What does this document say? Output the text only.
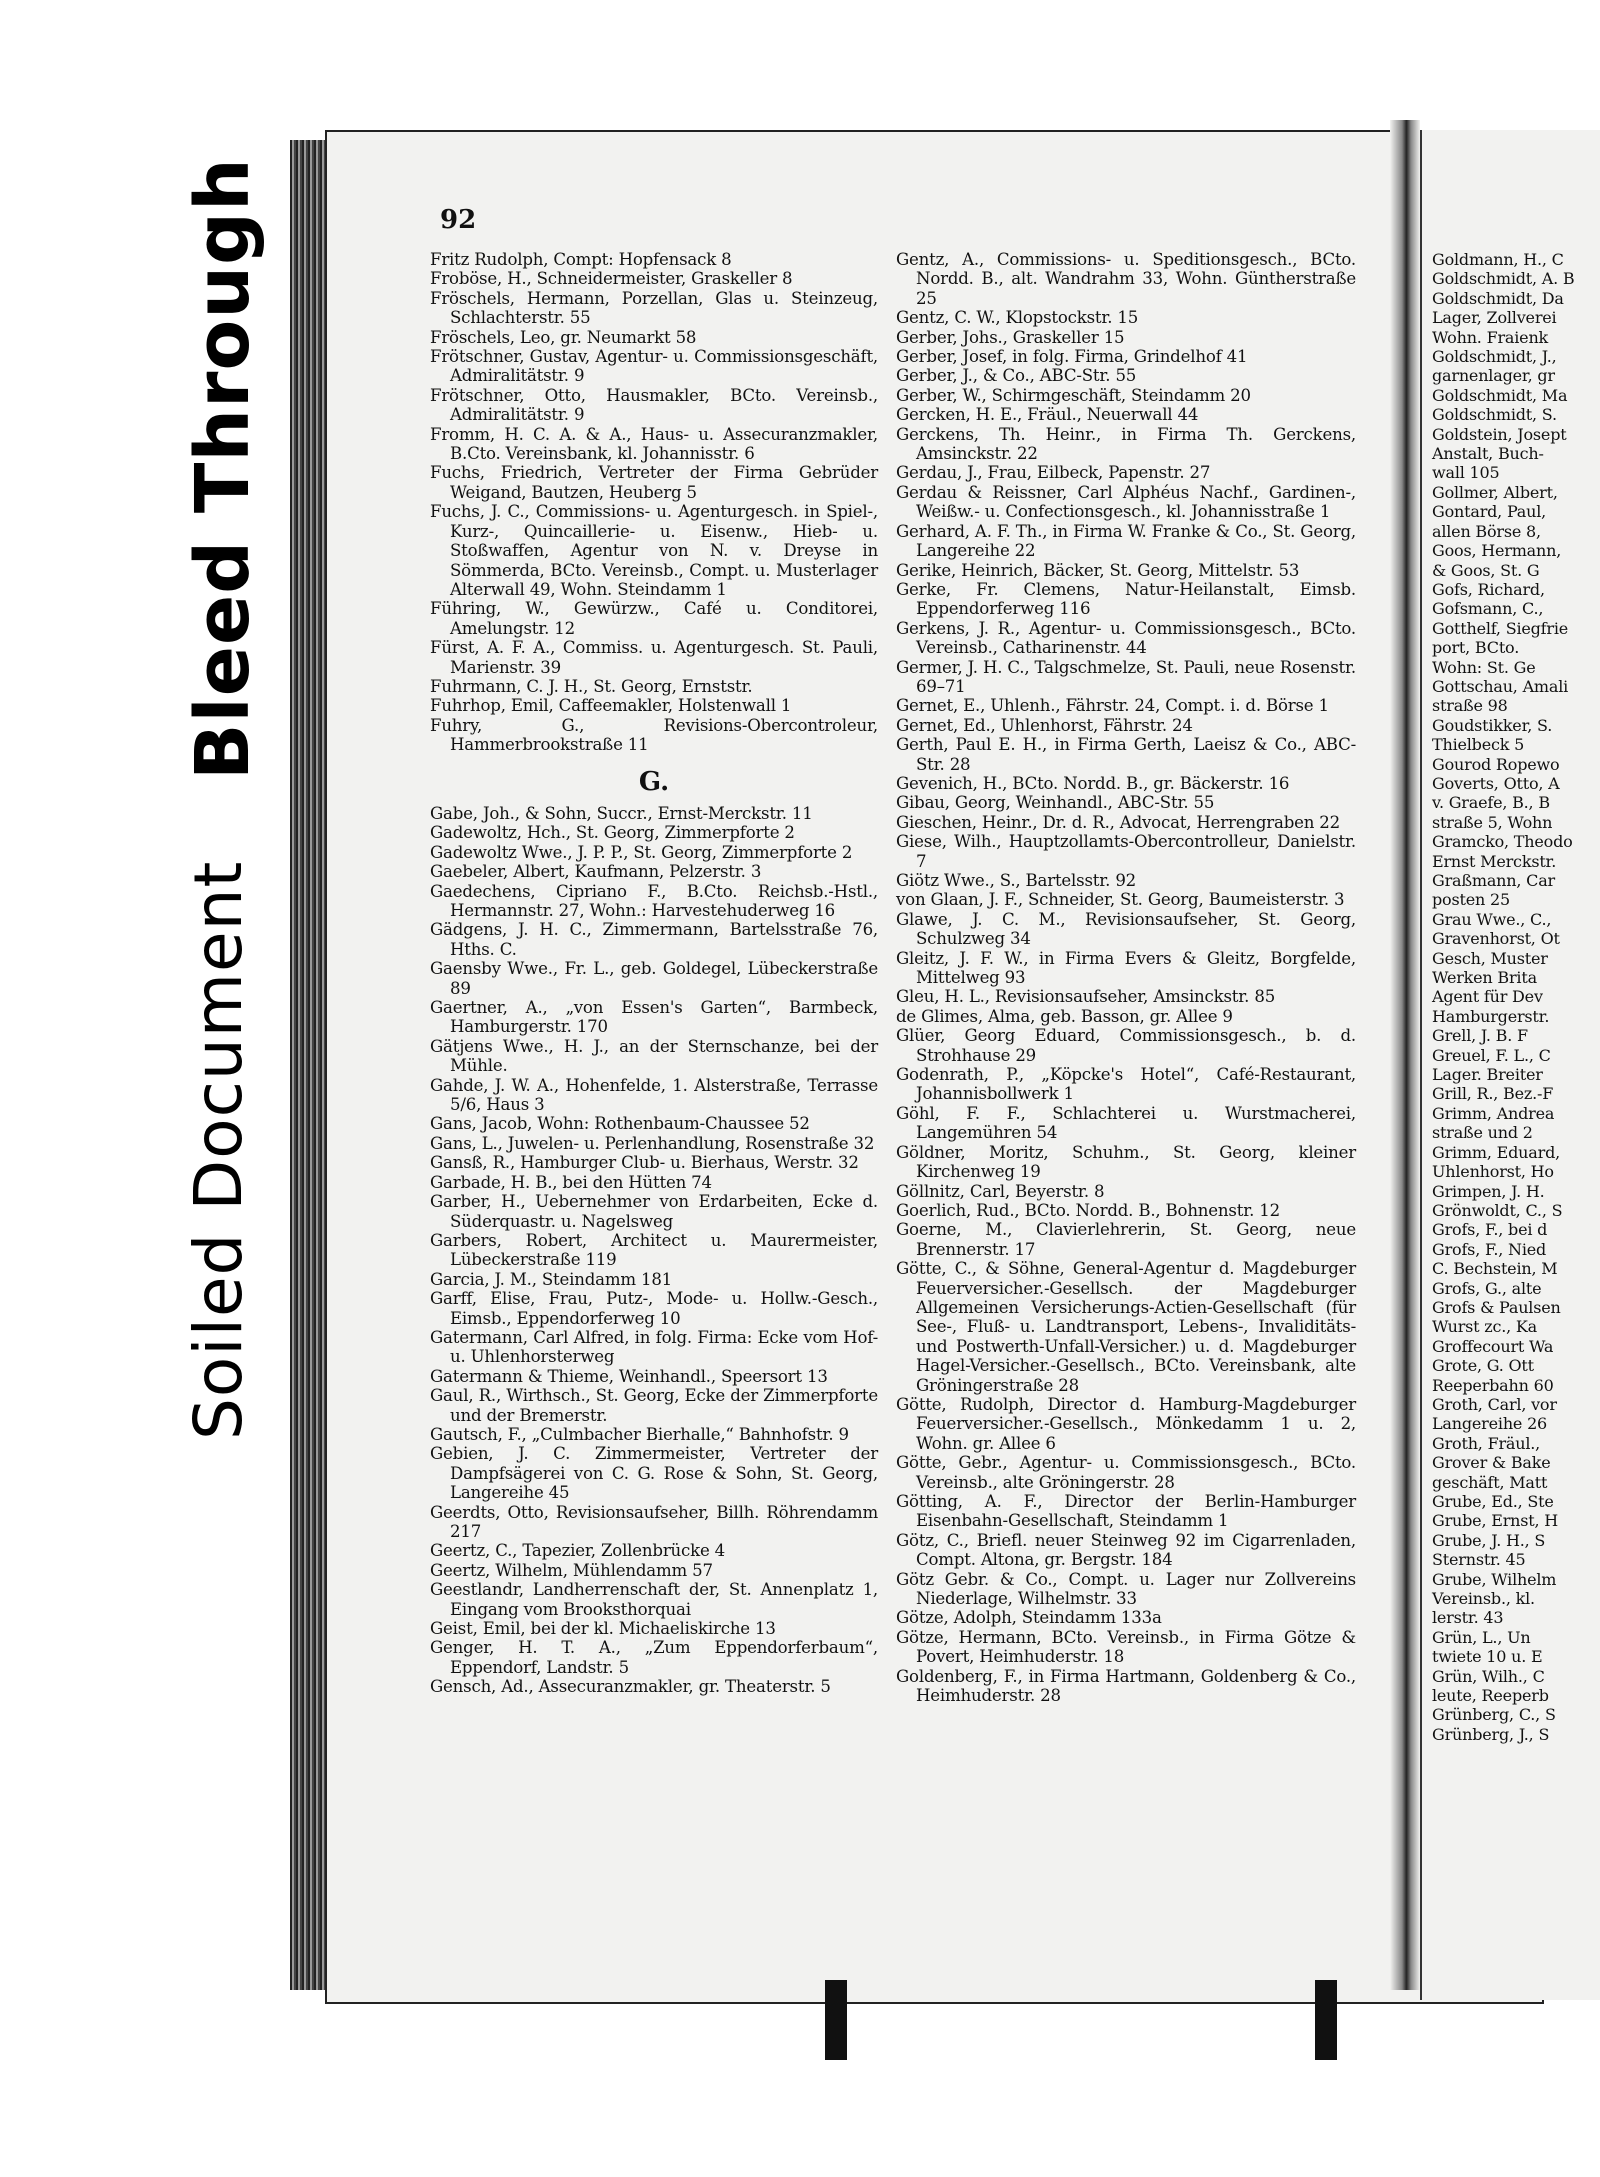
Bleed Through
Soiled Document
92

Fritz Rudolph, Compt: Hopfensack 8

Froböse, H., Schneidermeister, Graskeller 8

Fröschels, Hermann, Porzellan, Glas u. Steinzeug, Schlachterstr. 55

Fröschels, Leo, gr. Neumarkt 58

Frötschner, Gustav, Agentur- u. Commissionsgeschäft, Admiralitätstr. 9

Frötschner, Otto, Hausmakler, BCto. Vereinsb., Admiralitätstr. 9

Fromm, H. C. A. & A., Haus- u. Assecuranzmakler, B.Cto. Vereinsbank, kl. Johannisstr. 6

Fuchs, Friedrich, Vertreter der Firma Gebrüder Weigand, Bautzen, Heuberg 5

Fuchs, J. C., Commissions- u. Agenturgesch. in Spiel-, Kurz-, Quincaillerie- u. Eisenw., Hieb- u. Stoßwaffen, Agentur von N. v. Dreyse in Sömmerda, BCto. Vereinsb., Compt. u. Musterlager Alterwall 49, Wohn. Steindamm 1

Führing, W., Gewürzw., Café u. Conditorei, Amelungstr. 12

Fürst, A. F. A., Commiss. u. Agenturgesch. St. Pauli, Marienstr. 39

Fuhrmann, C. J. H., St. Georg, Ernststr.

Fuhrhop, Emil, Caffeemakler, Holstenwall 1

Fuhry, G., Revisions-Obercontroleur, Hammerbrookstraße 11

G.

Gabe, Joh., & Sohn, Succr., Ernst-Merckstr. 11

Gadewoltz, Hch., St. Georg, Zimmerpforte 2

Gadewoltz Wwe., J. P. P., St. Georg, Zimmerpforte 2

Gaebeler, Albert, Kaufmann, Pelzerstr. 3

Gaedechens, Cipriano F., B.Cto. Reichsb.-Hstl., Hermannstr. 27, Wohn.: Harvestehuderweg 16

Gädgens, J. H. C., Zimmermann, Bartelsstraße 76, Hths. C.

Gaensby Wwe., Fr. L., geb. Goldegel, Lübeckerstraße 89

Gaertner, A., „von Essen's Garten“, Barmbeck, Hamburgerstr. 170

Gätjens Wwe., H. J., an der Sternschanze, bei der Mühle.

Gahde, J. W. A., Hohenfelde, 1. Alsterstraße, Terrasse 5/6, Haus 3

Gans, Jacob, Wohn: Rothenbaum-Chaussee 52

Gans, L., Juwelen- u. Perlenhandlung, Rosenstraße 32

Gansß, R., Hamburger Club- u. Bierhaus, Werstr. 32

Garbade, H. B., bei den Hütten 74

Garber, H., Uebernehmer von Erdarbeiten, Ecke d. Süderquastr. u. Nagelsweg

Garbers, Robert, Architect u. Maurermeister, Lübeckerstraße 119

Garcia, J. M., Steindamm 181

Garff, Elise, Frau, Putz-, Mode- u. Hollw.-Gesch., Eimsb., Eppendorferweg 10

Gatermann, Carl Alfred, in folg. Firma: Ecke vom Hof- u. Uhlenhorsterweg

Gatermann & Thieme, Weinhandl., Speersort 13

Gaul, R., Wirthsch., St. Georg, Ecke der Zimmerpforte und der Bremerstr.

Gautsch, F., „Culmbacher Bierhalle,“ Bahnhofstr. 9

Gebien, J. C. Zimmermeister, Vertreter der Dampfsägerei von C. G. Rose & Sohn, St. Georg, Langereihe 45

Geerdts, Otto, Revisionsaufseher, Billh. Röhrendamm 217

Geertz, C., Tapezier, Zollenbrücke 4

Geertz, Wilhelm, Mühlendamm 57

Geestlandr, Landherrenschaft der, St. Annenplatz 1, Eingang vom Brooksthorquai

Geist, Emil, bei der kl. Michaeliskirche 13

Genger, H. T. A., „Zum Eppendorferbaum“, Eppendorf, Landstr. 5

Gensch, Ad., Assecuranzmakler, gr. Theaterstr. 5

Gentz, A., Commissions- u. Speditionsgesch., BCto. Nordd. B., alt. Wandrahm 33, Wohn. Güntherstraße 25

Gentz, C. W., Klopstockstr. 15

Gerber, Johs., Graskeller 15

Gerber, Josef, in folg. Firma, Grindelhof 41

Gerber, J., & Co., ABC-Str. 55

Gerber, W., Schirmgeschäft, Steindamm 20

Gercken, H. E., Fräul., Neuerwall 44

Gerckens, Th. Heinr., in Firma Th. Gerckens, Amsinckstr. 22

Gerdau, J., Frau, Eilbeck, Papenstr. 27

Gerdau & Reissner, Carl Alphéus Nachf., Gardinen-, Weißw.- u. Confectionsgesch., kl. Johannisstraße 1

Gerhard, A. F. Th., in Firma W. Franke & Co., St. Georg, Langereihe 22

Gerike, Heinrich, Bäcker, St. Georg, Mittelstr. 53

Gerke, Fr. Clemens, Natur-Heilanstalt, Eimsb. Eppendorferweg 116

Gerkens, J. R., Agentur- u. Commissionsgesch., BCto. Vereinsb., Catharinenstr. 44

Germer, J. H. C., Talgschmelze, St. Pauli, neue Rosenstr. 69–71

Gernet, E., Uhlenh., Fährstr. 24, Compt. i. d. Börse 1

Gernet, Ed., Uhlenhorst, Fährstr. 24

Gerth, Paul E. H., in Firma Gerth, Laeisz & Co., ABC-Str. 28

Gevenich, H., BCto. Nordd. B., gr. Bäckerstr. 16

Gibau, Georg, Weinhandl., ABC-Str. 55

Gieschen, Heinr., Dr. d. R., Advocat, Herrengraben 22

Giese, Wilh., Hauptzollamts-Obercontrolleur, Danielstr. 7

Giötz Wwe., S., Bartelsstr. 92

von Glaan, J. F., Schneider, St. Georg, Baumeisterstr. 3

Glawe, J. C. M., Revisionsaufseher, St. Georg, Schulzweg 34

Gleitz, J. F. W., in Firma Evers & Gleitz, Borgfelde, Mittelweg 93

Gleu, H. L., Revisionsaufseher, Amsinckstr. 85

de Glimes, Alma, geb. Basson, gr. Allee 9

Glüer, Georg Eduard, Commissionsgesch., b. d. Strohhause 29

Godenrath, P., „Köpcke's Hotel“, Café-Restaurant, Johannisbollwerk 1

Göhl, F. F., Schlachterei u. Wurstmacherei, Langemühren 54

Göldner, Moritz, Schuhm., St. Georg, kleiner Kirchenweg 19

Göllnitz, Carl, Beyerstr. 8

Goerlich, Rud., BCto. Nordd. B., Bohnenstr. 12

Goerne, M., Clavierlehrerin, St. Georg, neue Brennerstr. 17

Götte, C., & Söhne, General-Agentur d. Magdeburger Feuerversicher.-Gesellsch. der Magdeburger Allgemeinen Versicherungs-Actien-Gesellschaft (für See-, Fluß- u. Landtransport, Lebens-, Invaliditäts- und Postwerth-Unfall-Versicher.) u. d. Magdeburger Hagel-Versicher.-Gesellsch., BCto. Vereinsbank, alte Gröningerstraße 28

Götte, Rudolph, Director d. Hamburg-Magdeburger Feuerversicher.-Gesellsch., Mönkedamm 1 u. 2, Wohn. gr. Allee 6

Götte, Gebr., Agentur- u. Commissionsgesch., BCto. Vereinsb., alte Gröningerstr. 28

Götting, A. F., Director der Berlin-Hamburger Eisenbahn-Gesellschaft, Steindamm 1

Götz, C., Briefl. neuer Steinweg 92 im Cigarrenladen, Compt. Altona, gr. Bergstr. 184

Götz Gebr. & Co., Compt. u. Lager nur Zollvereins Niederlage, Wilhelmstr. 33

Götze, Adolph, Steindamm 133a

Götze, Hermann, BCto. Vereinsb., in Firma Götze & Povert, Heimhuderstr. 18

Goldenberg, F., in Firma Hartmann, Goldenberg & Co., Heimhuderstr. 28

Goldmann, H., C

Goldschmidt, A. B

Goldschmidt, Da

Lager, Zollverei

Wohn. Fraienk

Goldschmidt, J.,

garnenlager, gr

Goldschmidt, Ma

Goldschmidt, S.

Goldstein, Josept

Anstalt, Buch-

wall 105

Gollmer, Albert,

Gontard, Paul,

allen Börse 8,

Goos, Hermann,

& Goos, St. G

Gofs, Richard,

Gofsmann, C.,

Gotthelf, Siegfrie

port, BCto.

Wohn: St. Ge

Gottschau, Amali

straße 98

Goudstikker, S.

Thielbeck 5

Gourod Ropewo

Goverts, Otto, A

v. Graefe, B., B

straße 5, Wohn

Gramcko, Theodo

Ernst Merckstr.

Graßmann, Car

posten 25

Grau Wwe., C.,

Gravenhorst, Ot

Gesch, Muster

Werken Brita

Agent für Dev

Hamburgerstr.

Grell, J. B. F

Greuel, F. L., C

Lager. Breiter

Grill, R., Bez.-F

Grimm, Andrea

straße und 2

Grimm, Eduard,

Uhlenhorst, Ho

Grimpen, J. H.

Grönwoldt, C., S

Grofs, F., bei d

Grofs, F., Nied

C. Bechstein, M

Grofs, G., alte

Grofs & Paulsen

Wurst zc., Ka

Groffecourt Wa

Grote, G. Ott

Reeperbahn 60

Groth, Carl, vor

Langereihe 26

Groth, Fräul.,

Grover & Bake

geschäft, Matt

Grube, Ed., Ste

Grube, Ernst, H

Grube, J. H., S

Sternstr. 45

Grube, Wilhelm

Vereinsb., kl.

lerstr. 43

Grün, L., Un

twiete 10 u. E

Grün, Wilh., C

leute, Reeperb

Grünberg, C., S

Grünberg, J., S
